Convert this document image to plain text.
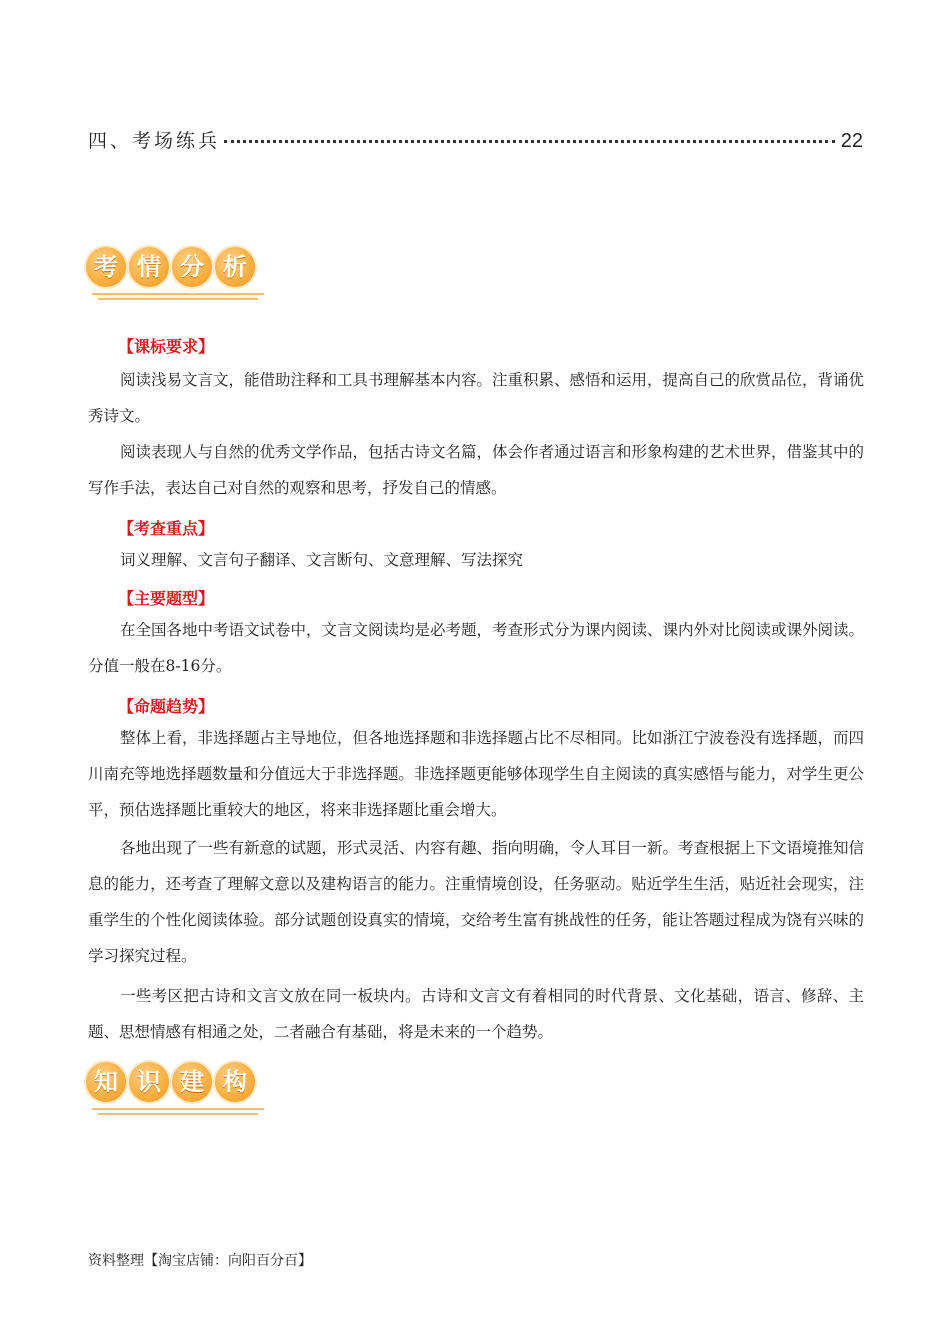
四、考场练兵	22
考 情 分 析
【课标要求】

阅读浅易文言文，能借助注释和工具书理解基本内容。注重积累、感悟和运用，提高自己的欣赏品位，背诵优秀诗文。

阅读表现人与自然的优秀文学作品，包括古诗文名篇，体会作者通过语言和形象构建的艺术世界，借鉴其中的写作手法，表达自己对自然的观察和思考，抒发自己的情感。

【考查重点】

词义理解、文言句子翻译、文言断句、文意理解、写法探究

【主要题型】

在全国各地中考语文试卷中，文言文阅读均是必考题，考查形式分为课内阅读、课内外对比阅读或课外阅读。分值一般在8-16分。

【命题趋势】

整体上看，非选择题占主导地位，但各地选择题和非选择题占比不尽相同。比如浙江宁波卷没有选择题，而四川南充等地选择题数量和分值远大于非选择题。非选择题更能够体现学生自主阅读的真实感悟与能力，对学生更公平，预估选择题比重较大的地区，将来非选择题比重会增大。

各地出现了一些有新意的试题，形式灵活、内容有趣、指向明确，令人耳目一新。考查根据上下文语境推知信息的能力，还考查了理解文意以及建构语言的能力。注重情境创设，任务驱动。贴近学生生活，贴近社会现实，注重学生的个性化阅读体验。部分试题创设真实的情境，交给考生富有挑战性的任务，能让答题过程成为饶有兴味的学习探究过程。

一些考区把古诗和文言文放在同一板块内。古诗和文言文有着相同的时代背景、文化基础，语言、修辞、主题、思想情感有相通之处，二者融合有基础，将是未来的一个趋势。

知 识 建 构
资料整理【淘宝店铺：向阳百分百】
